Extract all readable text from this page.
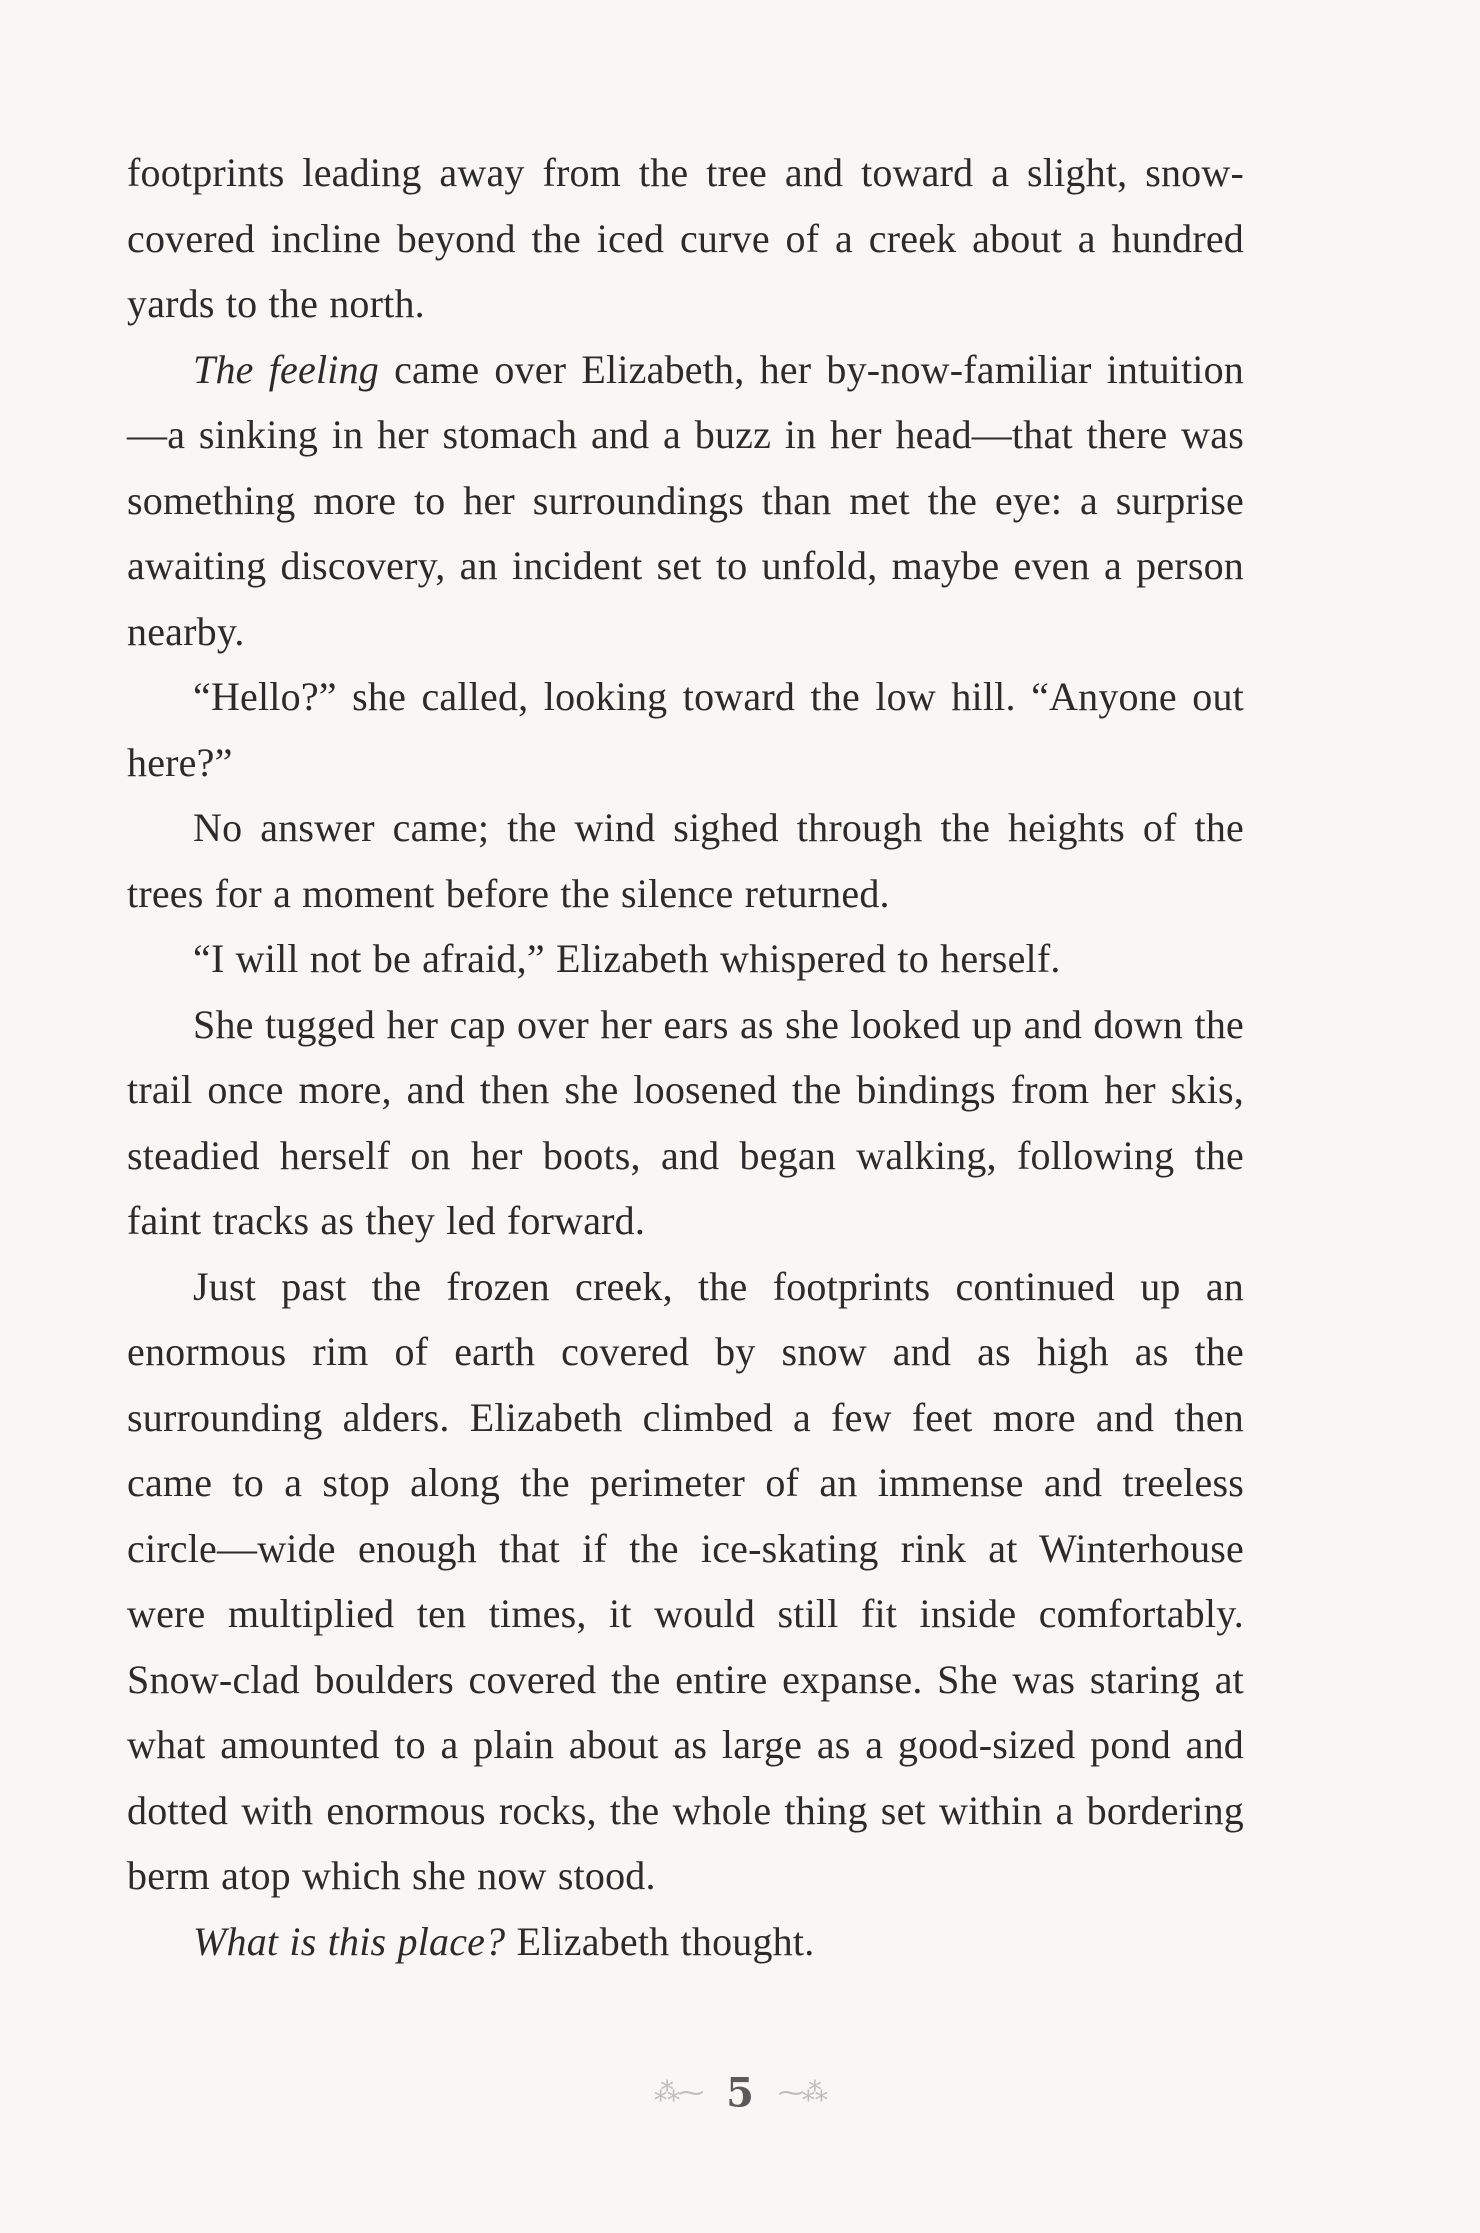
footprints leading away from the tree and toward a slight, snow-covered incline beyond the iced curve of a creek about a hundred yards to the north.

The feeling came over Elizabeth, her by-now-familiar intuition—a sinking in her stomach and a buzz in her head—that there was something more to her surroundings than met the eye: a surprise awaiting discovery, an incident set to unfold, maybe even a person nearby.

“Hello?” she called, looking toward the low hill. “Anyone out here?”

No answer came; the wind sighed through the heights of the trees for a moment before the silence returned.

“I will not be afraid,” Elizabeth whispered to herself.

She tugged her cap over her ears as she looked up and down the trail once more, and then she loosened the bindings from her skis, steadied herself on her boots, and began walking, following the faint tracks as they led forward.

Just past the frozen creek, the footprints continued up an enormous rim of earth covered by snow and as high as the surrounding alders. Elizabeth climbed a few feet more and then came to a stop along the perimeter of an immense and treeless circle—wide enough that if the ice-skating rink at Winterhouse were multiplied ten times, it would still fit inside comfortably. Snow-clad boulders covered the entire expanse. She was staring at what amounted to a plain about as large as a good-sized pond and dotted with enormous rocks, the whole thing set within a bordering berm atop which she now stood.

What is this place? Elizabeth thought.

⁂⁓ 5 ⁓⁂
